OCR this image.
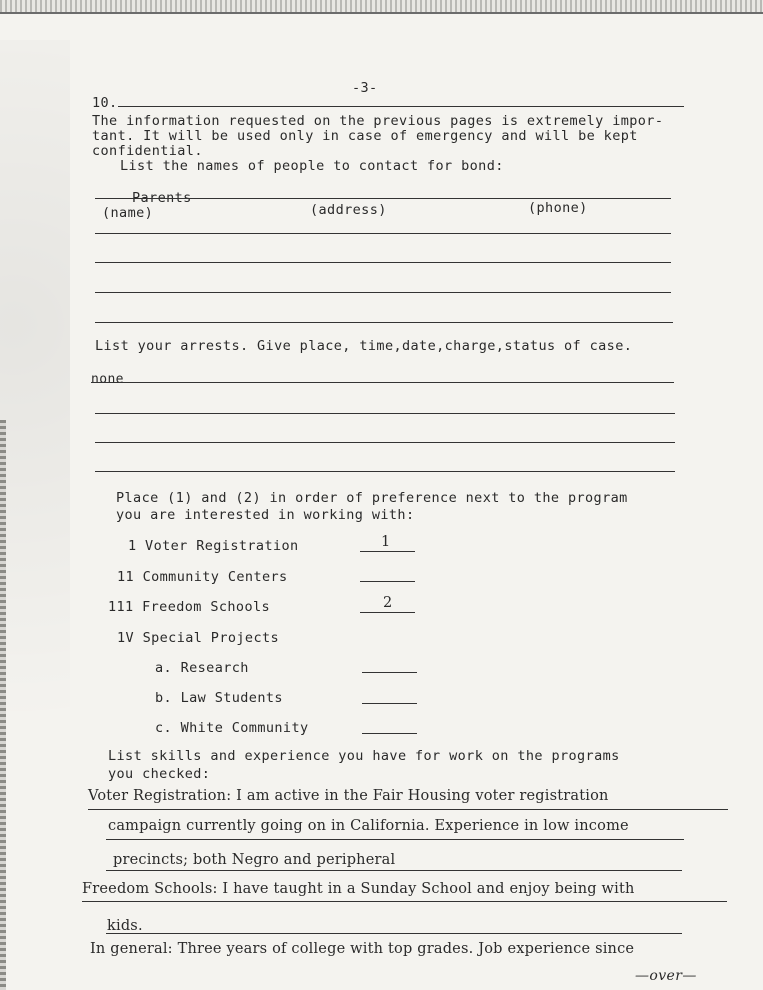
-3-
10.
The information requested on the previous pages is extremely impor-
tant. It will be used only in case of emergency and will be kept
confidential.
List the names of people to contact for bond:
Parents
(name)	(address)	(phone)
List your arrests. Give place, time,date,charge,status of case.
none
Place (1) and (2) in order of preference next to the program
you are interested in working with:
1 Voter Registration	1
11 Community Centers
111 Freedom Schools	2
1V Special Projects
a. Research
b. Law Students
c. White Community
List skills and experience you have for work on the programs
you checked:
Voter Registration: I am active in the Fair Housing voter registration
campaign currently going on in California. Experience in low income
precincts; both Negro and peripheral
Freedom Schools: I have taught in a Sunday School and enjoy being with
kids.
In general: Three years of college with top grades. Job experience since
—over—
